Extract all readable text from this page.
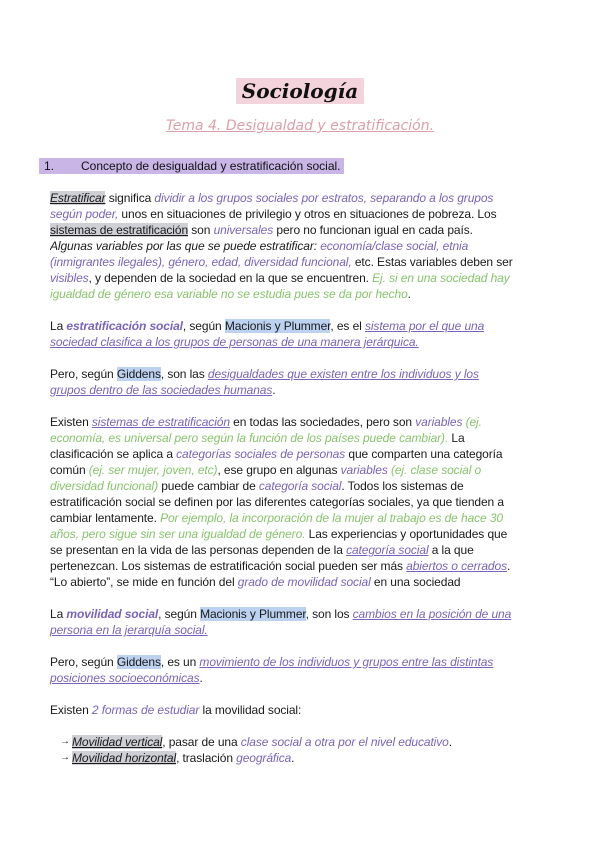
Sociología
Tema 4. Desigualdad y estratificación.
1. Concepto de desigualdad y estratificación social.

Estratificar significa dividir a los grupos sociales por estratos, separando a los grupos
según poder, unos en situaciones de privilegio y otros en situaciones de pobreza. Los
sistemas de estratificación son universales pero no funcionan igual en cada país.
Algunas variables por las que se puede estratificar: economía/clase social, etnia
(inmigrantes ilegales), género, edad, diversidad funcional, etc. Estas variables deben ser
visibles, y dependen de la sociedad en la que se encuentren. Ej. si en una sociedad hay
igualdad de género esa variable no se estudia pues se da por hecho.

La estratificación social, según Macionis y Plummer, es el sistema por el que una
sociedad clasifica a los grupos de personas de una manera jerárquica.

Pero, según Giddens, son las desigualdades que existen entre los individuos y los
grupos dentro de las sociedades humanas.

Existen sistemas de estratificación en todas las sociedades, pero son variables (ej.
economía, es universal pero según la función de los países puede cambiar). La
clasificación se aplica a categorías sociales de personas que comparten una categoría
común (ej. ser mujer, joven, etc), ese grupo en algunas variables (ej. clase social o
diversidad funcional) puede cambiar de categoría social. Todos los sistemas de
estratificación social se definen por las diferentes categorías sociales, ya que tienden a
cambiar lentamente. Por ejemplo, la incorporación de la mujer al trabajo es de hace 30
años, pero sigue sin ser una igualdad de género. Las experiencias y oportunidades que
se presentan en la vida de las personas dependen de la categoría social a la que
pertenezcan. Los sistemas de estratificación social pueden ser más abiertos o cerrados.
“Lo abierto”, se mide en función del grado de movilidad social en una sociedad

La movilidad social, según Macionis y Plummer, son los cambios en la posición de una
persona en la jerarquía social.

Pero, según Giddens, es un movimiento de los individuos y grupos entre las distintas
posiciones socioeconómicas.

Existen 2 formas de estudiar la movilidad social:

→ Movilidad vertical, pasar de una clase social a otra por el nivel educativo.
→ Movilidad horizontal, traslación geográfica.
